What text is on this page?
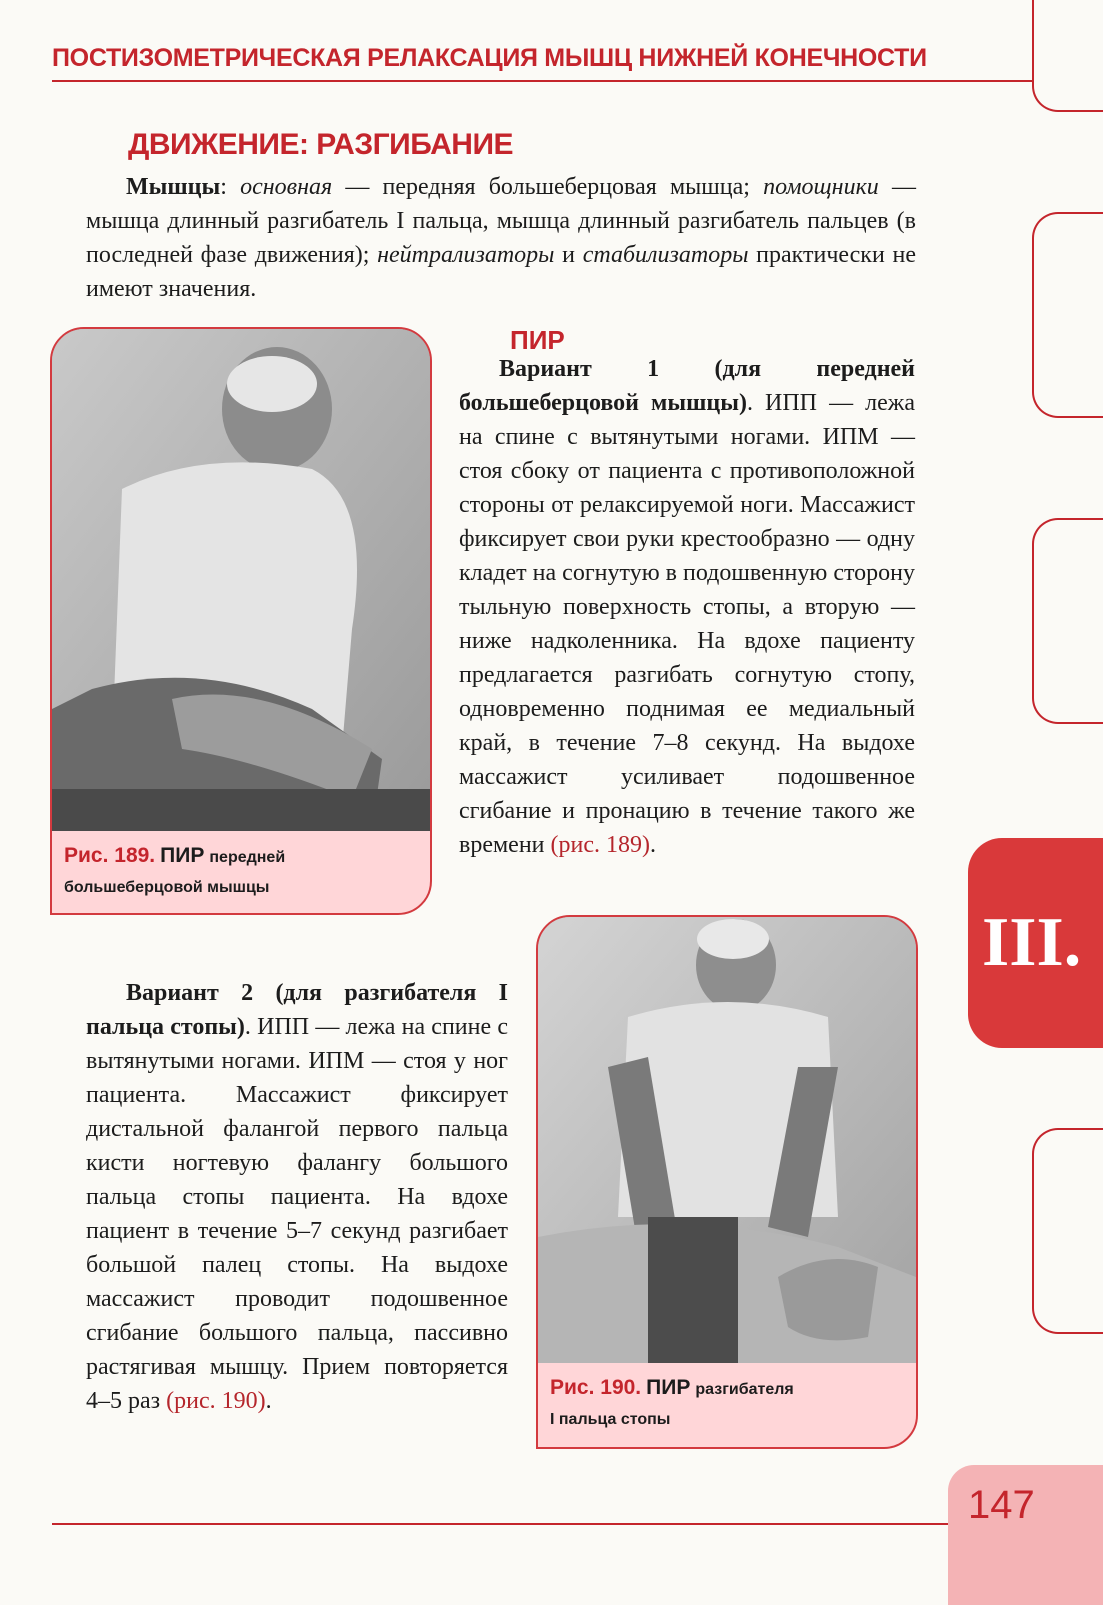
ПОСТИЗОМЕТРИЧЕСКАЯ РЕЛАКСАЦИЯ МЫШЦ НИЖНЕЙ КОНЕЧНОСТИ
III.
ДВИЖЕНИЕ: РАЗГИБАНИЕ

Мышцы: основная — передняя большеберцовая мышца; помощники — мышца длинный разгибатель I пальца, мышца длинный разгибатель пальцев (в последней фазе движения); нейтрализаторы и стабилизаторы практически не имеют значения.

Рис. 189. ПИР передней
большеберцовой мышцы
ПИР

Вариант 1 (для передней большеберцовой мышцы). ИПП — лежа на спине с вытянутыми ногами. ИПМ — стоя сбоку от пациента с противоположной стороны от релаксируемой ноги. Массажист фиксирует свои руки крестообразно — одну кладет на согнутую в подошвенную сторону тыльную поверхность стопы, а вторую — ниже надколенника. На вдохе пациенту предлагается разгибать согнутую стопу, одновременно поднимая ее медиальный край, в течение 7–8 секунд. На выдохе массажист усиливает подошвенное сгибание и пронацию в течение такого же времени (рис. 189).

Вариант 2 (для разгибателя I пальца стопы). ИПП — лежа на спине с вытянутыми ногами. ИПМ — стоя у ног пациента. Массажист фиксирует дистальной фалангой первого пальца кисти ногтевую фалангу большого пальца стопы пациента. На вдохе пациент в течение 5–7 секунд разгибает большой палец стопы. На выдохе массажист проводит подошвенное сгибание большого пальца, пассивно растягивая мышцу. Прием повторяется 4–5 раз (рис. 190).

Рис. 190. ПИР разгибателя
I пальца стопы
147
